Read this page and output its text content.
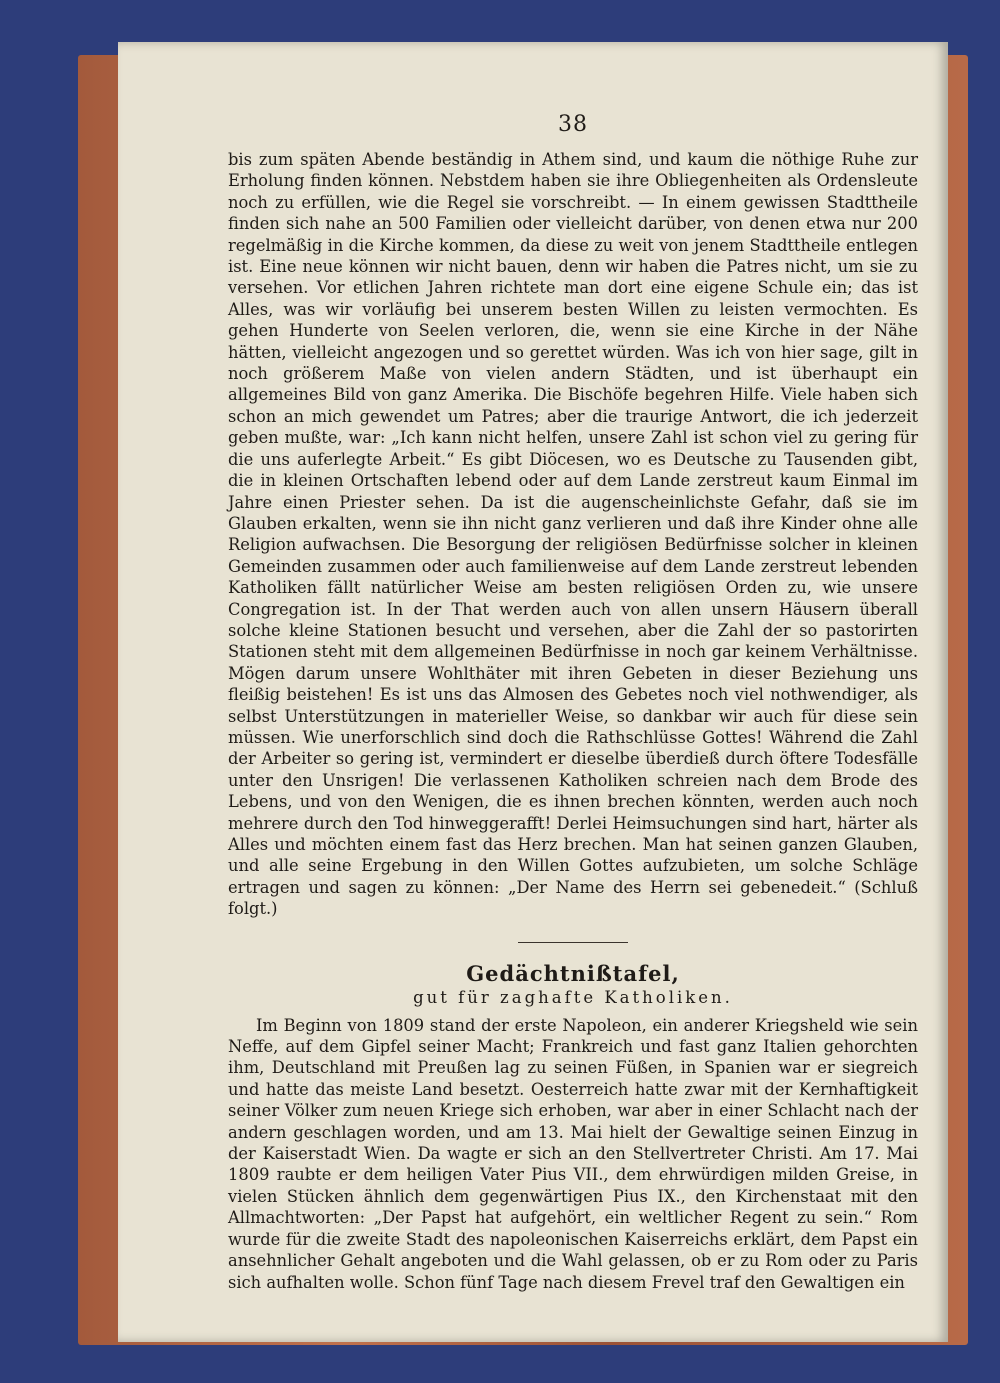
38

bis zum späten Abende beständig in Athem sind, und kaum die nöthige Ruhe zur Erholung finden können. Nebstdem haben sie ihre Obliegenheiten als Ordensleute noch zu erfüllen, wie die Regel sie vorschreibt. — In einem gewissen Stadttheile finden sich nahe an 500 Familien oder vielleicht darüber, von denen etwa nur 200 regelmäßig in die Kirche kommen, da diese zu weit von jenem Stadttheile entlegen ist. Eine neue können wir nicht bauen, denn wir haben die Patres nicht, um sie zu versehen. Vor etlichen Jahren richtete man dort eine eigene Schule ein; das ist Alles, was wir vorläufig bei unserem besten Willen zu leisten vermochten. Es gehen Hunderte von Seelen verloren, die, wenn sie eine Kirche in der Nähe hätten, vielleicht angezogen und so gerettet würden. Was ich von hier sage, gilt in noch größerem Maße von vielen andern Städten, und ist überhaupt ein allgemeines Bild von ganz Amerika. Die Bischöfe begehren Hilfe. Viele haben sich schon an mich gewendet um Patres; aber die traurige Antwort, die ich jederzeit geben mußte, war: „Ich kann nicht helfen, unsere Zahl ist schon viel zu gering für die uns auferlegte Arbeit.“ Es gibt Diöcesen, wo es Deutsche zu Tausenden gibt, die in kleinen Ortschaften lebend oder auf dem Lande zerstreut kaum Einmal im Jahre einen Priester sehen. Da ist die augenscheinlichste Gefahr, daß sie im Glauben erkalten, wenn sie ihn nicht ganz verlieren und daß ihre Kinder ohne alle Religion aufwachsen. Die Besorgung der religiösen Bedürfnisse solcher in kleinen Gemeinden zusammen oder auch familienweise auf dem Lande zerstreut lebenden Katholiken fällt natürlicher Weise am besten religiösen Orden zu, wie unsere Congregation ist. In der That werden auch von allen unsern Häusern überall solche kleine Stationen besucht und versehen, aber die Zahl der so pastorirten Stationen steht mit dem allgemeinen Bedürfnisse in noch gar keinem Verhältnisse. Mögen darum unsere Wohlthäter mit ihren Gebeten in dieser Beziehung uns fleißig beistehen! Es ist uns das Almosen des Gebetes noch viel nothwendiger, als selbst Unterstützungen in materieller Weise, so dankbar wir auch für diese sein müssen. Wie unerforschlich sind doch die Rathschlüsse Gottes! Während die Zahl der Arbeiter so gering ist, vermindert er dieselbe überdieß durch öftere Todesfälle unter den Unsrigen! Die verlassenen Katholiken schreien nach dem Brode des Lebens, und von den Wenigen, die es ihnen brechen könnten, werden auch noch mehrere durch den Tod hinweggerafft! Derlei Heimsuchungen sind hart, härter als Alles und möchten einem fast das Herz brechen. Man hat seinen ganzen Glauben, und alle seine Ergebung in den Willen Gottes aufzubieten, um solche Schläge ertragen und sagen zu können: „Der Name des Herrn sei gebenedeit.“ (Schluß folgt.)

Gedächtnißtafel,
gut für zaghafte Katholiken.

Im Beginn von 1809 stand der erste Napoleon, ein anderer Kriegsheld wie sein Neffe, auf dem Gipfel seiner Macht; Frankreich und fast ganz Italien gehorchten ihm, Deutschland mit Preußen lag zu seinen Füßen, in Spanien war er siegreich und hatte das meiste Land besetzt. Oesterreich hatte zwar mit der Kernhaftigkeit seiner Völker zum neuen Kriege sich erhoben, war aber in einer Schlacht nach der andern geschlagen worden, und am 13. Mai hielt der Gewaltige seinen Einzug in der Kaiserstadt Wien. Da wagte er sich an den Stellvertreter Christi. Am 17. Mai 1809 raubte er dem heiligen Vater Pius VII., dem ehrwürdigen milden Greise, in vielen Stücken ähnlich dem gegenwärtigen Pius IX., den Kirchenstaat mit den Allmachtworten: „Der Papst hat aufgehört, ein weltlicher Regent zu sein.“ Rom wurde für die zweite Stadt des napoleonischen Kaiserreichs erklärt, dem Papst ein ansehnlicher Gehalt angeboten und die Wahl gelassen, ob er zu Rom oder zu Paris sich aufhalten wolle. Schon fünf Tage nach diesem Frevel traf den Gewaltigen ein
